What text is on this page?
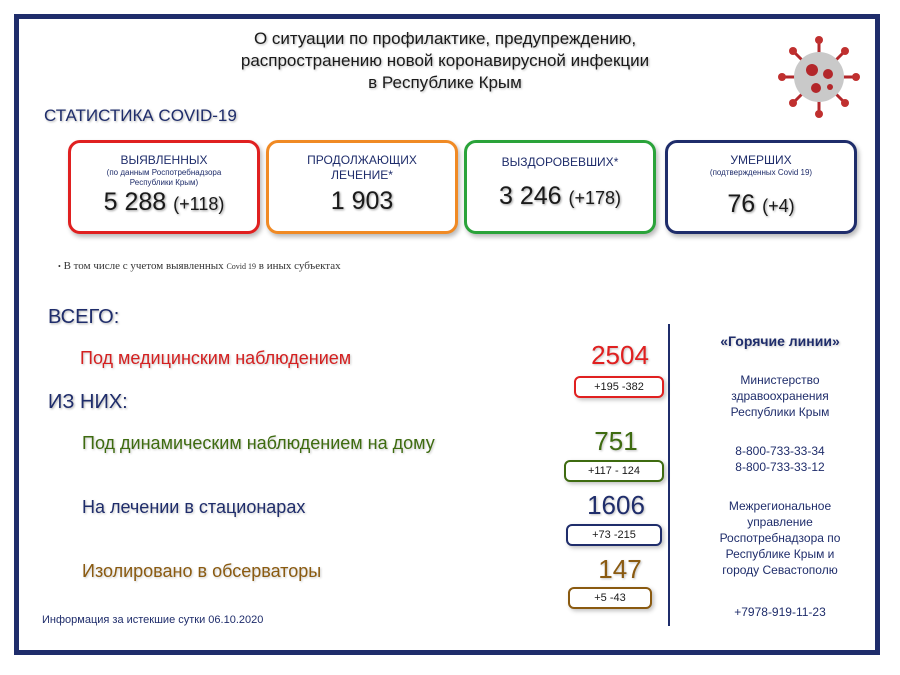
О ситуации по профилактике, предупреждению,
распространению новой коронавирусной инфекции
в Республике Крым
СТАТИСТИКА COVID-19
ВЫЯВЛЕННЫХ
(по данным Роспотребнадзора
Республики Крым)
5 288 (+118)
ПРОДОЛЖАЮЩИХ
ЛЕЧЕНИЕ*
1 903
ВЫЗДОРОВЕВШИХ*
3 246 (+178)
УМЕРШИХ
(подтвержденных Covid 19)
76 (+4)
• В том числе с учетом выявленных Covid 19 в иных субъектах
ВСЕГО:
ИЗ НИХ:
Под медицинским наблюдением	2504
+195 -382
Под динамическим наблюдением на дому	751
+117 - 124
На лечении в стационарах	1606
+73 -215
Изолировано в обсерваторы	147
+5 -43
«Горячие линии»
Министерство
здравоохранения
Республики Крым
8-800-733-33-34
8-800-733-33-12
Межрегиональное
управление
Роспотребнадзора по
Республике Крым и
городу Севастополю
+7978-919-11-23
Информация за истекшие сутки 06.10.2020
